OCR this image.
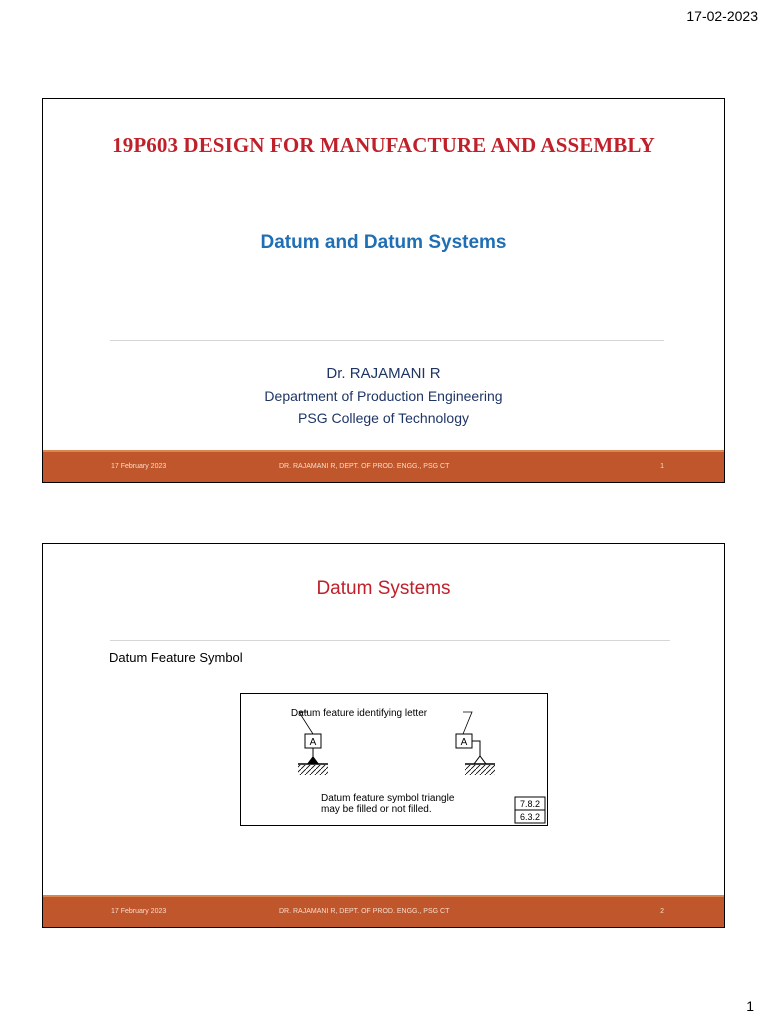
17-02-2023
19P603 DESIGN FOR MANUFACTURE AND ASSEMBLY
Datum and Datum Systems
Dr. RAJAMANI R
Department of Production Engineering
PSG College of Technology
17 February 2023	DR. RAJAMANI R, DEPT. OF PROD. ENGG., PSG CT	1
Datum Systems
Datum Feature Symbol
Datum feature identifying letter
A	A
Datum feature symbol triangle
may be filled or not filled.	7.8.2
6.3.2
17 February 2023	DR. RAJAMANI R, DEPT. OF PROD. ENGG., PSG CT	2
1
